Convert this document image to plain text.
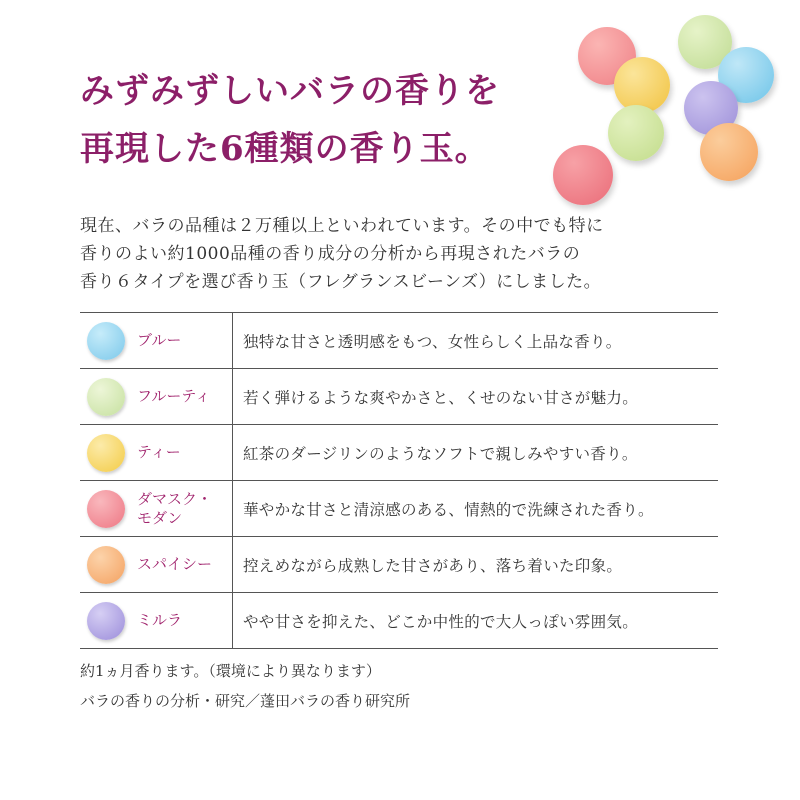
みずみずしいバラの香りを
再現した6種類の香り玉。
現在、バラの品種は２万種以上といわれています。その中でも特に
香りのよい約1000品種の香り成分の分析から再現されたバラの
香り６タイプを選び香り玉（フレグランスビーンズ）にしました。
ブルー	独特な甘さと透明感をもつ、女性らしく上品な香り。
フルーティ	若く弾けるような爽やかさと、くせのない甘さが魅力。
ティー	紅茶のダージリンのようなソフトで親しみやすい香り。
ダマスク・
モダン	華やかな甘さと清涼感のある、情熱的で洗練された香り。
スパイシー	控えめながら成熟した甘さがあり、落ち着いた印象。
ミルラ	やや甘さを抑えた、どこか中性的で大人っぽい雰囲気。
約1ヵ月香ります。（環境により異なります）
バラの香りの分析・研究／蓬田バラの香り研究所
